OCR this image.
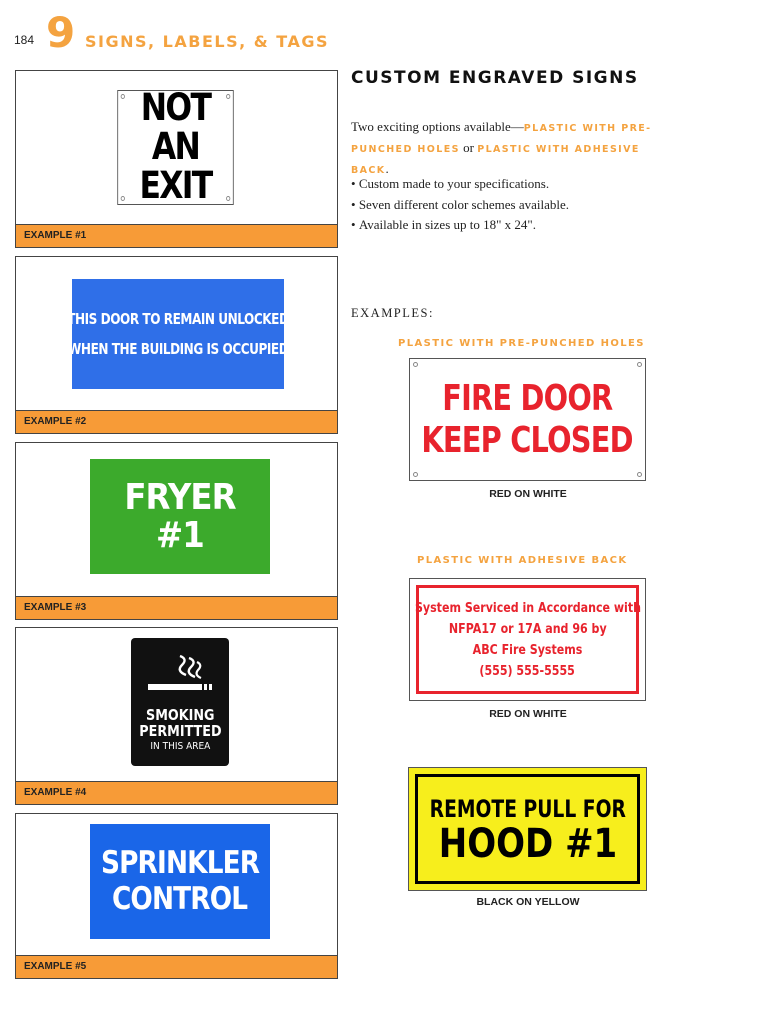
184 9 SIGNS, LABELS, & TAGS
NOT AN
EXIT
EXAMPLE #1
THIS DOOR TO REMAIN UNLOCKED
WHEN THE BUILDING IS OCCUPIED
EXAMPLE #2
FRYER #1
EXAMPLE #3
SMOKING
PERMITTED
IN THIS AREA
EXAMPLE #4
SPRINKLER
CONTROL
EXAMPLE #5
CUSTOM ENGRAVED SIGNS
Two exciting options available—PLASTIC WITH PRE-PUNCHED HOLES or PLASTIC WITH ADHESIVE BACK.
• Custom made to your specifications.
• Seven different color schemes available.
• Available in sizes up to 18" x 24".
EXAMPLES:
PLASTIC WITH PRE-PUNCHED HOLES
FIRE DOOR
KEEP CLOSED
RED ON WHITE
PLASTIC WITH ADHESIVE BACK
System Serviced in Accordance with
NFPA17 or 17A and 96 by
ABC Fire Systems
(555) 555-5555
RED ON WHITE
REMOTE PULL FOR
HOOD #1
BLACK ON YELLOW
